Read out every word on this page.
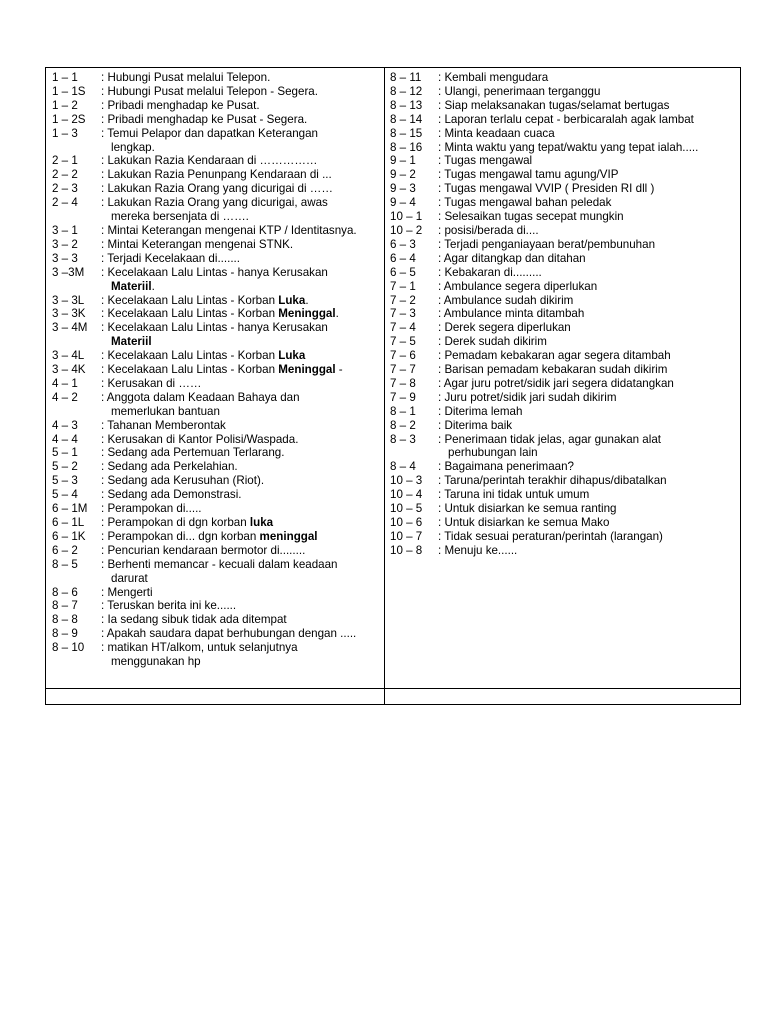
1 – 1	: Hubungi Pusat melalui Telepon.
1 – 1S	: Hubungi Pusat melalui Telepon - Segera.
1 – 2	: Pribadi menghadap ke Pusat.
1 – 2S	: Pribadi menghadap ke Pusat - Segera.
1 – 3	: Temui Pelapor dan dapatkan Keterangan
lengkap.
2 – 1	: Lakukan Razia Kendaraan di ……………
2 – 2	: Lakukan Razia Penunpang Kendaraan di ...
2 – 3	: Lakukan Razia Orang yang dicurigai di ……
2 – 4	: Lakukan Razia Orang yang dicurigai, awas
mereka bersenjata di …….
3 – 1	: Mintai Keterangan mengenai KTP / Identitasnya.
3 – 2	: Mintai Keterangan mengenai STNK.
3 – 3	: Terjadi Kecelakaan di.......
3 –3M	: Kecelakaan Lalu Lintas - hanya Kerusakan
Materiil.
3 – 3L	: Kecelakaan Lalu Lintas - Korban Luka.
3 – 3K	: Kecelakaan Lalu Lintas - Korban Meninggal.
3 – 4M	: Kecelakaan Lalu Lintas - hanya Kerusakan
Materiil
3 – 4L	: Kecelakaan Lalu Lintas - Korban Luka
3 – 4K	: Kecelakaan Lalu Lintas - Korban Meninggal -
4 – 1	: Kerusakan di ……
4 – 2	: Anggota dalam Keadaan Bahaya dan
memerlukan bantuan
4 – 3	: Tahanan Memberontak
4 – 4	: Kerusakan di Kantor Polisi/Waspada.
5 – 1	: Sedang ada Pertemuan Terlarang.
5 – 2	: Sedang ada Perkelahian.
5 – 3	: Sedang ada Kerusuhan (Riot).
5 – 4	: Sedang ada Demonstrasi.
6 – 1M	: Perampokan di.....
6 – 1L	: Perampokan di dgn korban luka
6 – 1K	: Perampokan di... dgn korban meninggal
6 – 2	: Pencurian kendaraan bermotor di........
8 – 5	: Berhenti memancar - kecuali dalam keadaan
darurat
8 – 6	: Mengerti
8 – 7	: Teruskan berita ini ke......
8 – 8	: Ia sedang sibuk tidak ada ditempat
8 – 9	: Apakah saudara dapat berhubungan dengan .....
8 – 10	: matikan HT/alkom, untuk selanjutnya
menggunakan hp
8 – 11	: Kembali mengudara
8 – 12	: Ulangi, penerimaan terganggu
8 – 13	: Siap melaksanakan tugas/selamat bertugas
8 – 14	: Laporan terlalu cepat - berbicaralah agak lambat
8 – 15	: Minta keadaan cuaca
8 – 16	: Minta waktu yang tepat/waktu yang tepat ialah.....
9 – 1	: Tugas mengawal
9 – 2	: Tugas mengawal tamu agung/VIP
9 – 3	: Tugas mengawal VVIP ( Presiden RI dll )
9 – 4	: Tugas mengawal bahan peledak
10 – 1	: Selesaikan tugas secepat mungkin
10 – 2	: posisi/berada di....
6 – 3	: Terjadi penganiayaan berat/pembunuhan
6 – 4	: Agar ditangkap dan ditahan
6 – 5	: Kebakaran di.........
7 – 1	: Ambulance segera diperlukan
7 – 2	: Ambulance sudah dikirim
7 – 3	: Ambulance minta ditambah
7 – 4	: Derek segera diperlukan
7 – 5	: Derek sudah dikirim
7 – 6	: Pemadam kebakaran agar segera ditambah
7 – 7	: Barisan pemadam kebakaran sudah dikirim
7 – 8	: Agar juru potret/sidik jari segera didatangkan
7 – 9	: Juru potret/sidik jari sudah dikirim
8 – 1	: Diterima lemah
8 – 2	: Diterima baik
8 – 3	: Penerimaan tidak jelas, agar gunakan alat
perhubungan lain
8 – 4	: Bagaimana penerimaan?
10 – 3	: Taruna/perintah terakhir dihapus/dibatalkan
10 – 4	: Taruna ini tidak untuk umum
10 – 5	: Untuk disiarkan ke semua ranting
10 – 6	: Untuk disiarkan ke semua Mako
10 – 7	: Tidak sesuai peraturan/perintah (larangan)
10 – 8	: Menuju ke......
